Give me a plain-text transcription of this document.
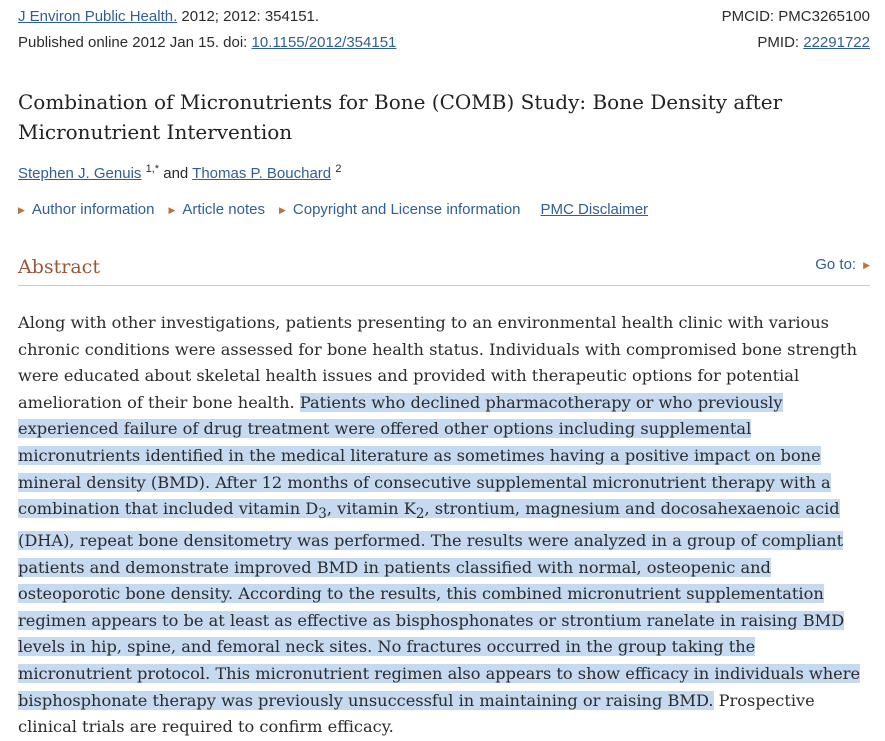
J Environ Public Health. 2012; 2012: 354151.	PMCID: PMC3265100
Published online 2012 Jan 15. doi: 10.1155/2012/354151	PMID: 22291722
Combination of Micronutrients for Bone (COMB) Study: Bone Density after Micronutrient Intervention
Stephen J. Genuis $^{1,*}$ and Thomas P. Bouchard $^2$
▶ Author information ▶ Article notes ▶ Copyright and License information PMC Disclaimer
Abstract	Go to: ▶

Along with other investigations, patients presenting to an environmental health clinic with various chronic conditions were assessed for bone health status. Individuals with compromised bone strength were educated about skeletal health issues and provided with therapeutic options for potential amelioration of their bone health. Patients who declined pharmacotherapy or who previously experienced failure of drug treatment were offered other options including supplemental micronutrients identified in the medical literature as sometimes having a positive impact on bone mineral density (BMD). After 12 months of consecutive supplemental micronutrient therapy with a combination that included vitamin $D_3$, vitamin $K_2$, strontium, magnesium and docosahexaenoic acid (DHA), repeat bone densitometry was performed. The results were analyzed in a group of compliant patients and demonstrate improved BMD in patients classified with normal, osteopenic and osteoporotic bone density. According to the results, this combined micronutrient supplementation regimen appears to be at least as effective as bisphosphonates or strontium ranelate in raising BMD levels in hip, spine, and femoral neck sites. No fractures occurred in the group taking the micronutrient protocol. This micronutrient regimen also appears to show efficacy in individuals where bisphosphonate therapy was previously unsuccessful in maintaining or raising BMD. Prospective clinical trials are required to confirm efficacy.
